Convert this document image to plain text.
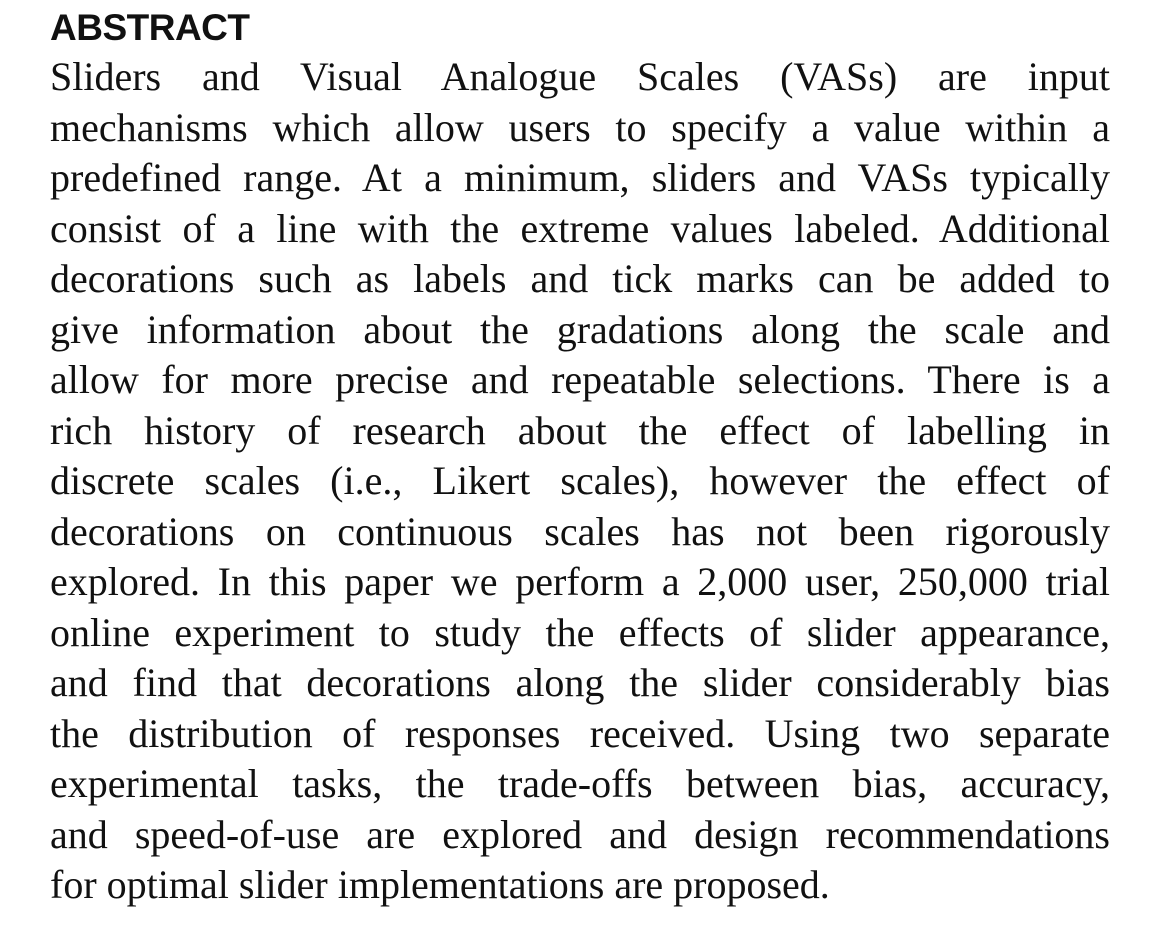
ABSTRACT
Sliders and Visual Analogue Scales (VASs) are input
mechanisms which allow users to specify a value within a
predefined range. At a minimum, sliders and VASs typically
consist of a line with the extreme values labeled. Additional
decorations such as labels and tick marks can be added to
give information about the gradations along the scale and
allow for more precise and repeatable selections. There is a
rich history of research about the effect of labelling in
discrete scales (i.e., Likert scales), however the effect of
decorations on continuous scales has not been rigorously
explored. In this paper we perform a 2,000 user, 250,000 trial
online experiment to study the effects of slider appearance,
and find that decorations along the slider considerably bias
the distribution of responses received. Using two separate
experimental tasks, the trade-offs between bias, accuracy,
and speed-of-use are explored and design recommendations
for optimal slider implementations are proposed.
